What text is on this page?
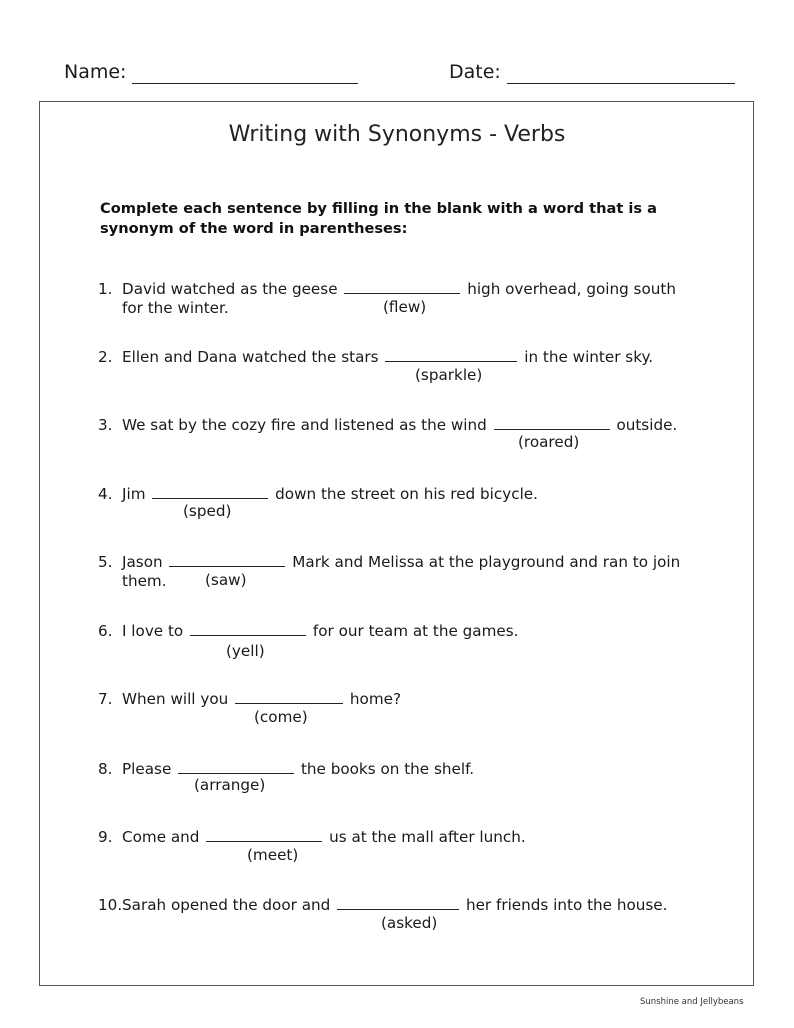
Name:	Date:
Writing with Synonyms - Verbs
Complete each sentence by filling in the blank with a word that is a synonym of the word in parentheses:
1. David watched as the geese	high overhead, going south
for the winter.	(flew)
2. Ellen and Dana watched the stars	in the winter sky.
(sparkle)
3. We sat by the cozy fire and listened as the wind	outside.
(roared)
4. Jim	down the street on his red bicycle.
(sped)
5. Jason	Mark and Melissa at the playground and ran to join
them.	(saw)
6. I love to	for our team at the games.
(yell)
7. When will you	home?
(come)
8. Please	the books on the shelf.
(arrange)
9. Come and	us at the mall after lunch.
(meet)
10.Sarah opened the door and	her friends into the house.
(asked)
Sunshine and Jellybeans
